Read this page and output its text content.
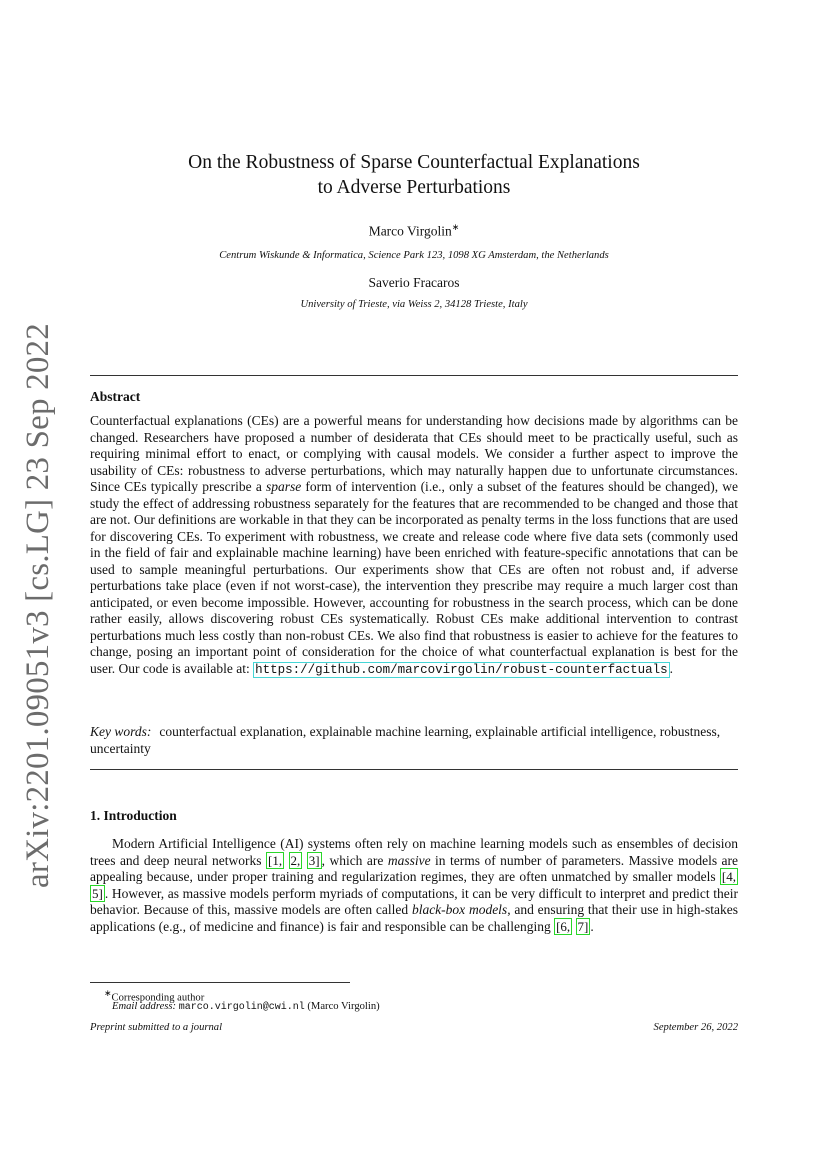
arXiv:2201.09051v3 [cs.LG] 23 Sep 2022
On the Robustness of Sparse Counterfactual Explanations
to Adverse Perturbations
Marco Virgolin∗
Centrum Wiskunde & Informatica, Science Park 123, 1098 XG Amsterdam, the Netherlands
Saverio Fracaros
University of Trieste, via Weiss 2, 34128 Trieste, Italy
Abstract
Counterfactual explanations (CEs) are a powerful means for understanding how decisions made by algorithms can be changed. Researchers have proposed a number of desiderata that CEs should meet to be practically useful, such as requiring minimal effort to enact, or complying with causal models. We consider a further aspect to improve the usability of CEs: robustness to adverse perturbations, which may naturally happen due to unfortunate circumstances. Since CEs typically prescribe a sparse form of intervention (i.e., only a subset of the features should be changed), we study the effect of addressing robustness separately for the features that are recommended to be changed and those that are not. Our definitions are workable in that they can be incorporated as penalty terms in the loss functions that are used for discovering CEs. To experiment with robustness, we create and release code where five data sets (commonly used in the field of fair and explainable machine learning) have been enriched with feature-specific annotations that can be used to sample meaningful perturbations. Our experiments show that CEs are often not robust and, if adverse perturbations take place (even if not worst-case), the intervention they prescribe may require a much larger cost than anticipated, or even become impossible. However, accounting for robustness in the search process, which can be done rather easily, allows discovering robust CEs systematically. Robust CEs make additional intervention to contrast perturbations much less costly than non-robust CEs. We also find that robustness is easier to achieve for the features to change, posing an important point of consideration for the choice of what counterfactual explanation is best for the user. Our code is available at: https://github.com/marcovirgolin/robust-counterfactuals .
Key words: counterfactual explanation, explainable machine learning, explainable artificial intelligence, robustness, uncertainty
1. Introduction
Modern Artificial Intelligence (AI) systems often rely on machine learning models such as ensembles of decision trees and deep neural networks [1, 2, 3] , which are massive in terms of number of parameters. Massive models are appealing because, under proper training and regularization regimes, they are often unmatched by smaller models [4, 5] . However, as massive models perform myriads of computations, it can be very difficult to interpret and predict their behavior. Because of this, massive models are often called black-box models, and ensuring that their use in high-stakes applications (e.g., of medicine and finance) is fair and responsible can be challenging [6, 7] .
∗Corresponding author
Email address: marco.virgolin@cwi.nl (Marco Virgolin)
Preprint submitted to a journal	September 26, 2022
